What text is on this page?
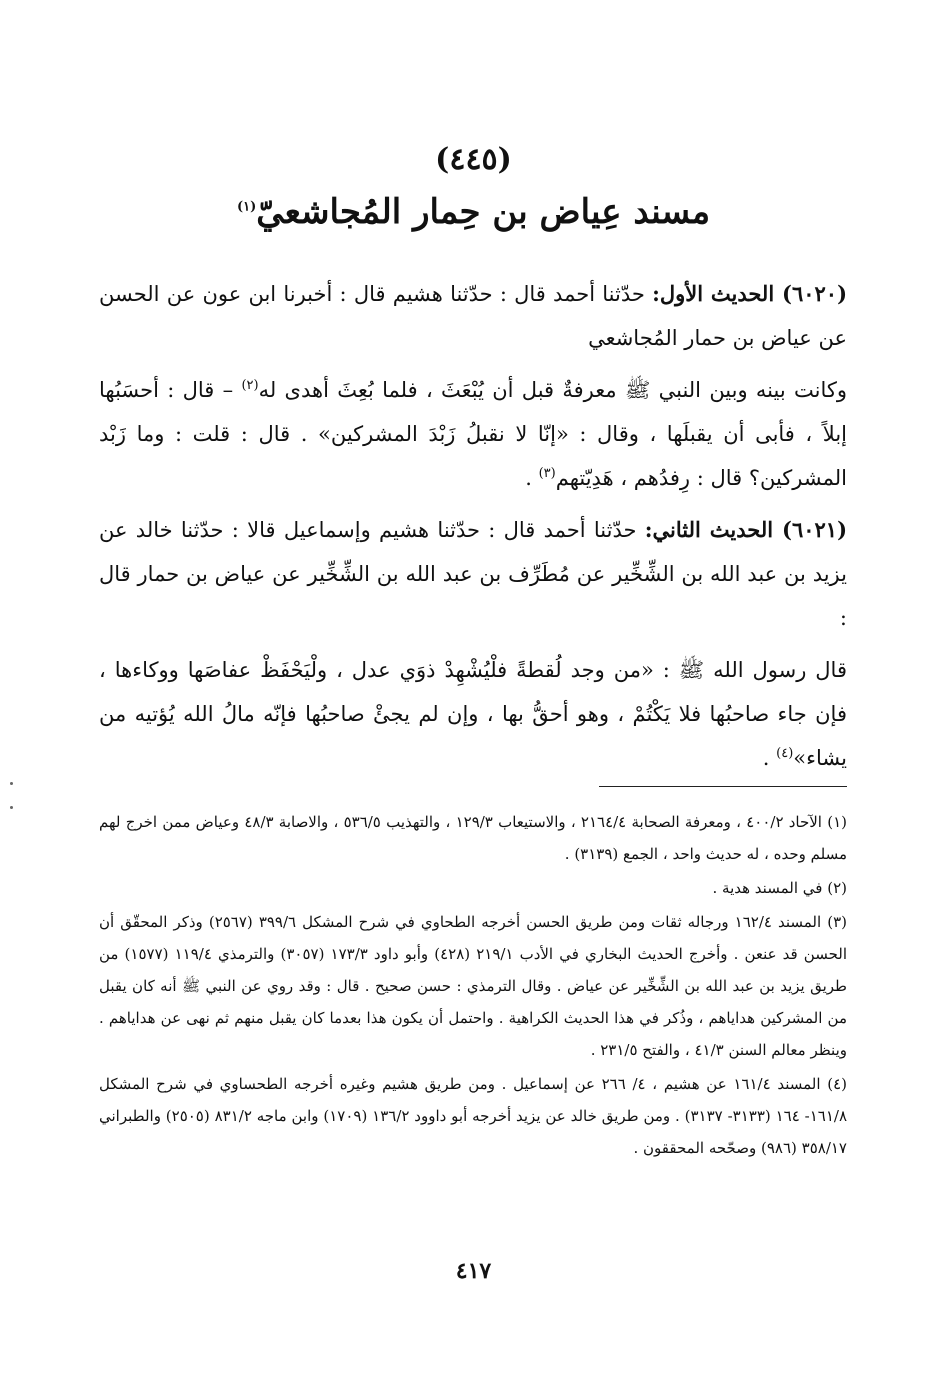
(٤٤٥)
مسند عِياض بن حِمار المُجاشعيّ$^{(١)}$

(٦٠٢٠) الحديث الأول: حدّثنا أحمد قال : حدّثنا هشيم قال : أخبرنا ابن عون عن الحسن عن عياض بن حمار المُجاشعي

وكانت بينه وبين النبي ﷺ معرفةٌ قبل أن يُبْعَثَ ، فلما بُعِثَ أهدى له$^{(٢)}$ – قال : أحسَبُها إبلاً ، فأبى أن يقبلَها ، وقال : «إنّا لا نقبلُ زَبْدَ المشركين» . قال : قلت : وما زَبْد المشركين؟ قال : رِفدُهم ، هَدِيّتهم$^{(٣)}$ .

(٦٠٢١) الحديث الثاني: حدّثنا أحمد قال : حدّثنا هشيم وإسماعيل قالا : حدّثنا خالد عن يزيد بن عبد الله بن الشِّخِّير عن مُطَرِّف بن عبد الله بن الشِّخِّير عن عياض بن حمار قال :

قال رسول الله ﷺ : «من وجد لُقطةً فلْيُشْهِدْ ذوَي عدل ، ولْيَحْفَظْ عفاصَها ووكاءها ، فإن جاء صاحبُها فلا يَكْتُمْ ، وهو أحقُّ بها ، وإن لم يجئْ صاحبُها فإنّه مالُ الله يُؤتيه من يشاء»$^{(٤)}$ .

(١) الآحاد ٤٠٠/٢ ، ومعرفة الصحابة ٢١٦٤/٤ ، والاستيعاب ١٢٩/٣ ، والتهذيب ٥٣٦/٥ ، والاصابة ٤٨/٣ وعياض ممن اخرج لهم مسلم وحده ، له حديث واحد ، الجمع (٣١٣٩) .

(٢) في المسند هدية .

(٣) المسند ١٦٢/٤ ورجاله ثقات ومن طريق الحسن أخرجه الطحاوي في شرح المشكل ٣٩٩/٦ (٢٥٦٧) وذكر المحقّق أن الحسن قد عنعن . وأخرج الحديث البخاري في الأدب ٢١٩/١ (٤٢٨) وأبو داود ١٧٣/٣ (٣٠٥٧) والترمذي ١١٩/٤ (١٥٧٧) من طريق يزيد بن عبد الله بن الشِّخِّير عن عياض . وقال الترمذي : حسن صحيح . قال : وقد روي عن النبي ﷺ أنه كان يقبل من المشركين هداياهم ، وذُكر في هذا الحديث الكراهية . واحتمل أن يكون هذا بعدما كان يقبل منهم ثم نهى عن هداياهم . وينظر معالم السنن ٤١/٣ ، والفتح ٢٣١/٥ .

(٤) المسند ١٦١/٤ عن هشيم ، ٤/ ٢٦٦ عن إسماعيل . ومن طريق هشيم وغيره أخرجه الطحساوي في شرح المشكل ١٦١/٨- ١٦٤ (٣١٣٣- ٣١٣٧) . ومن طريق خالد عن يزيد أخرجه أبو داوود ١٣٦/٢ (١٧٠٩) وابن ماجه ٨٣١/٢ (٢٥٠٥) والطبراني ٣٥٨/١٧ (٩٨٦) وصحّحه المحققون .

٤١٧
